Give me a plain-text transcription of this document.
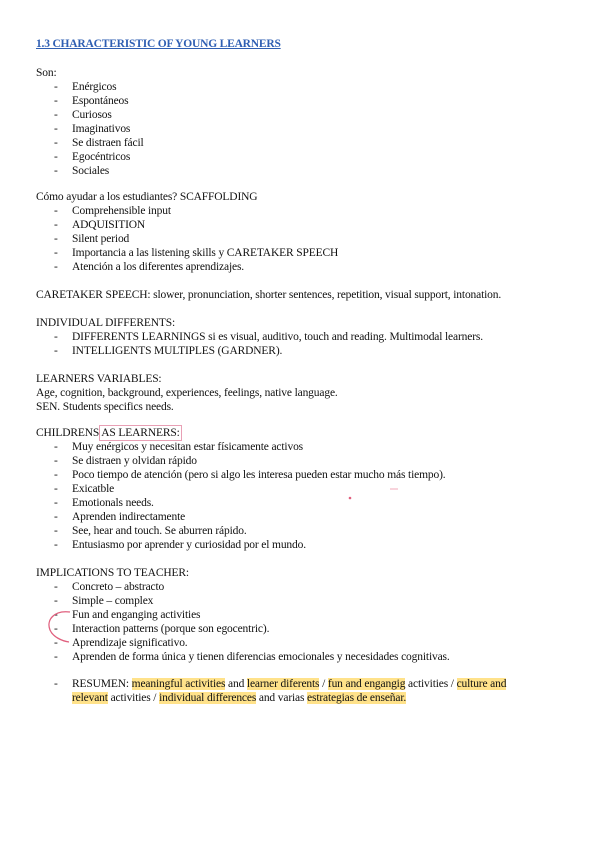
1.3 CHARACTERISTIC OF YOUNG LEARNERS
Son:
- Enérgicos
- Espontáneos
- Curiosos
- Imaginativos
- Se distraen fácil
- Egocéntricos
- Sociales
Cómo ayudar a los estudiantes? SCAFFOLDING
- Comprehensible input
- ADQUISITION
- Silent period
- Importancia a las listening skills y CARETAKER SPEECH
- Atención a los diferentes aprendizajes.
CARETAKER SPEECH: slower, pronunciation, shorter sentences, repetition, visual support, intonation.
INDIVIDUAL DIFFERENTS:
- DIFFERENTS LEARNINGS si es visual, auditivo, touch and reading. Multimodal learners.
- INTELLIGENTS MULTIPLES (GARDNER).
LEARNERS VARIABLES:
Age, cognition, background, experiences, feelings, native language.
SEN. Students specifics needs.
CHILDRENS AS LEARNERS:
- Muy enérgicos y necesitan estar físicamente activos
- Se distraen y olvidan rápido
- Poco tiempo de atención (pero si algo les interesa pueden estar mucho más tiempo).
- Exicatble
- Emotionals needs.
- Aprenden indirectamente
- See, hear and touch. Se aburren rápido.
- Entusiasmo por aprender y curiosidad por el mundo.
IMPLICATIONS TO TEACHER:
- Concreto – abstracto
- Simple – complex
- Fun and enganging activities
- Interaction patterns (porque son egocentric).
- Aprendizaje significativo.
- Aprenden de forma única y tienen diferencias emocionales y necesidades cognitivas.
- RESUMEN: meaningful activities and learner diferents / fun and engangig activities / culture and
relevant activities / individual differences and varias estrategias de enseñar.
